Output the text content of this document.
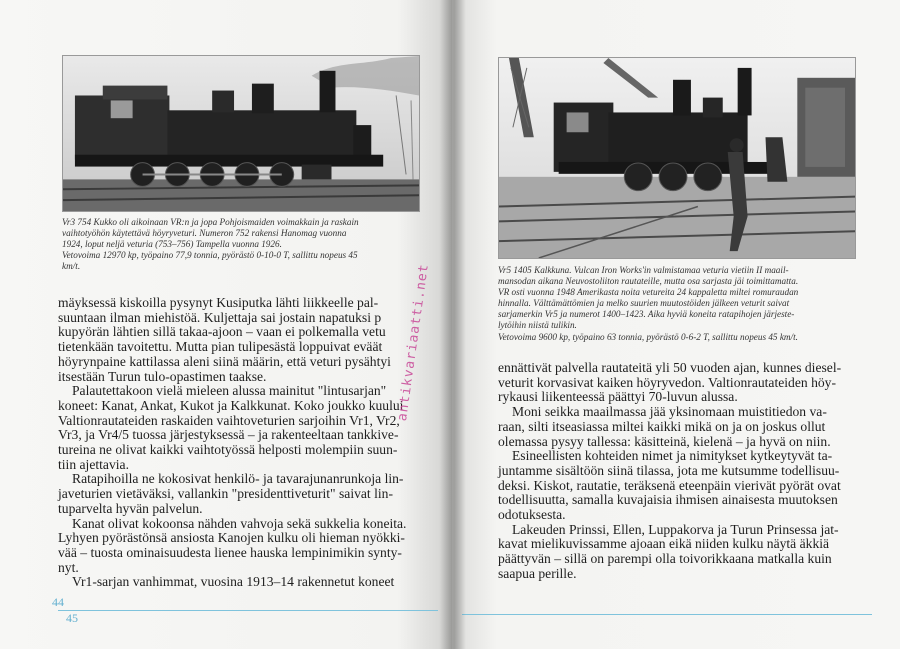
Vr3 754 Kukko oli aikoinaan VR:n ja jopa Pohjoismaiden voimakkain ja raskain
vaihtotyöhön käytettävä höyryveturi. Numeron 752 rakensi Hanomag vuonna
1924, loput neljä veturia (753–756) Tampella vuonna 1926.
Vetovoima 12970 kp, työpaino 77,9 tonnia, pyörästö 0-10-0 T, sallittu nopeus 45
km/t.

mäyksessä kiskoilla pysynyt Kusiputka lähti liikkeelle pal-
suuntaan ilman miehistöä. Kuljettaja sai jostain napatuksi p
kupyörän lähtien sillä takaa-ajoon – vaan ei polkemalla vetu
tietenkään tavoitettu. Mutta pian tulipesästä loppuivat eväät
höyrynpaine kattilassa aleni siinä määrin, että veturi pysähtyi
itsestään Turun tulo-opastimen taakse.

Palautettakoon vielä mieleen alussa mainitut "lintusarjan"
koneet: Kanat, Ankat, Kukot ja Kalkkunat. Koko joukko kuului
Valtionrautateiden raskaiden vaihtoveturien sarjoihin Vr1, Vr2,
Vr3, ja Vr4/5 tuossa järjestyksessä – ja rakenteeltaan tankkive-
tureina ne olivat kaikki vaihtotyössä helposti molempiin suun-
tiin ajettavia.

Ratapihoilla ne kokosivat henkilö- ja tavarajunanrunkoja lin-
javeturien vietäväksi, vallankin "presidenttiveturit" saivat lin-
tuparvelta hyvän palvelun.

Kanat olivat kokoonsa nähden vahvoja sekä sukkelia koneita.
Lyhyen pyörästönsä ansiosta Kanojen kulku oli hieman nyökki-
vää – tuosta ominaisuudesta lienee hauska lempinimikin synty-
nyt.

Vr1-sarjan vanhimmat, vuosina 1913–14 rakennetut koneet

44
45
antikvariaatti.net	Vr5 1405 Kalkkuna. Vulcan Iron Works'in valmistamaa veturia vietiin II maail-
mansodan aikana Neuvostoliiton rautateille, mutta osa sarjasta jäi toimittamatta.
VR osti vuonna 1948 Amerikasta noita vetureita 24 kappaletta miltei romuraudan
hinnalla. Välttämättömien ja melko suurien muutostöiden jälkeen veturit saivat
sarjamerkin Vr5 ja numerot 1400–1423. Aika hyviä koneita ratapihojen järjeste-
lytöihin niistä tulikin.
Vetovoima 9600 kp, työpaino 63 tonnia, pyörästö 0-6-2 T, sallittu nopeus 45 km/t.

ennättivät palvella rautateitä yli 50 vuoden ajan, kunnes diesel-
veturit korvasivat kaiken höyryvedon. Valtionrautateiden höy-
rykausi liikenteessä päättyi 70-luvun alussa.

Moni seikka maailmassa jää yksinomaan muistitiedon va-
raan, silti itseasiassa miltei kaikki mikä on ja on joskus ollut
olemassa pysyy tallessa: käsitteinä, kielenä – ja hyvä on niin.

Esineellisten kohteiden nimet ja nimitykset kytkeytyvät ta-
juntamme sisältöön siinä tilassa, jota me kutsumme todellisuu-
deksi. Kiskot, rautatie, teräksenä eteenpäin vierivät pyörät ovat
todellisuutta, samalla kuvajaisia ihmisen ainaisesta muutoksen
odotuksesta.

Lakeuden Prinssi, Ellen, Luppakorva ja Turun Prinsessa jat-
kavat mielikuvissamme ajoaan eikä niiden kulku näytä äkkiä
päättyvän – sillä on parempi olla toivorikkaana matkalla kuin
saapua perille.
